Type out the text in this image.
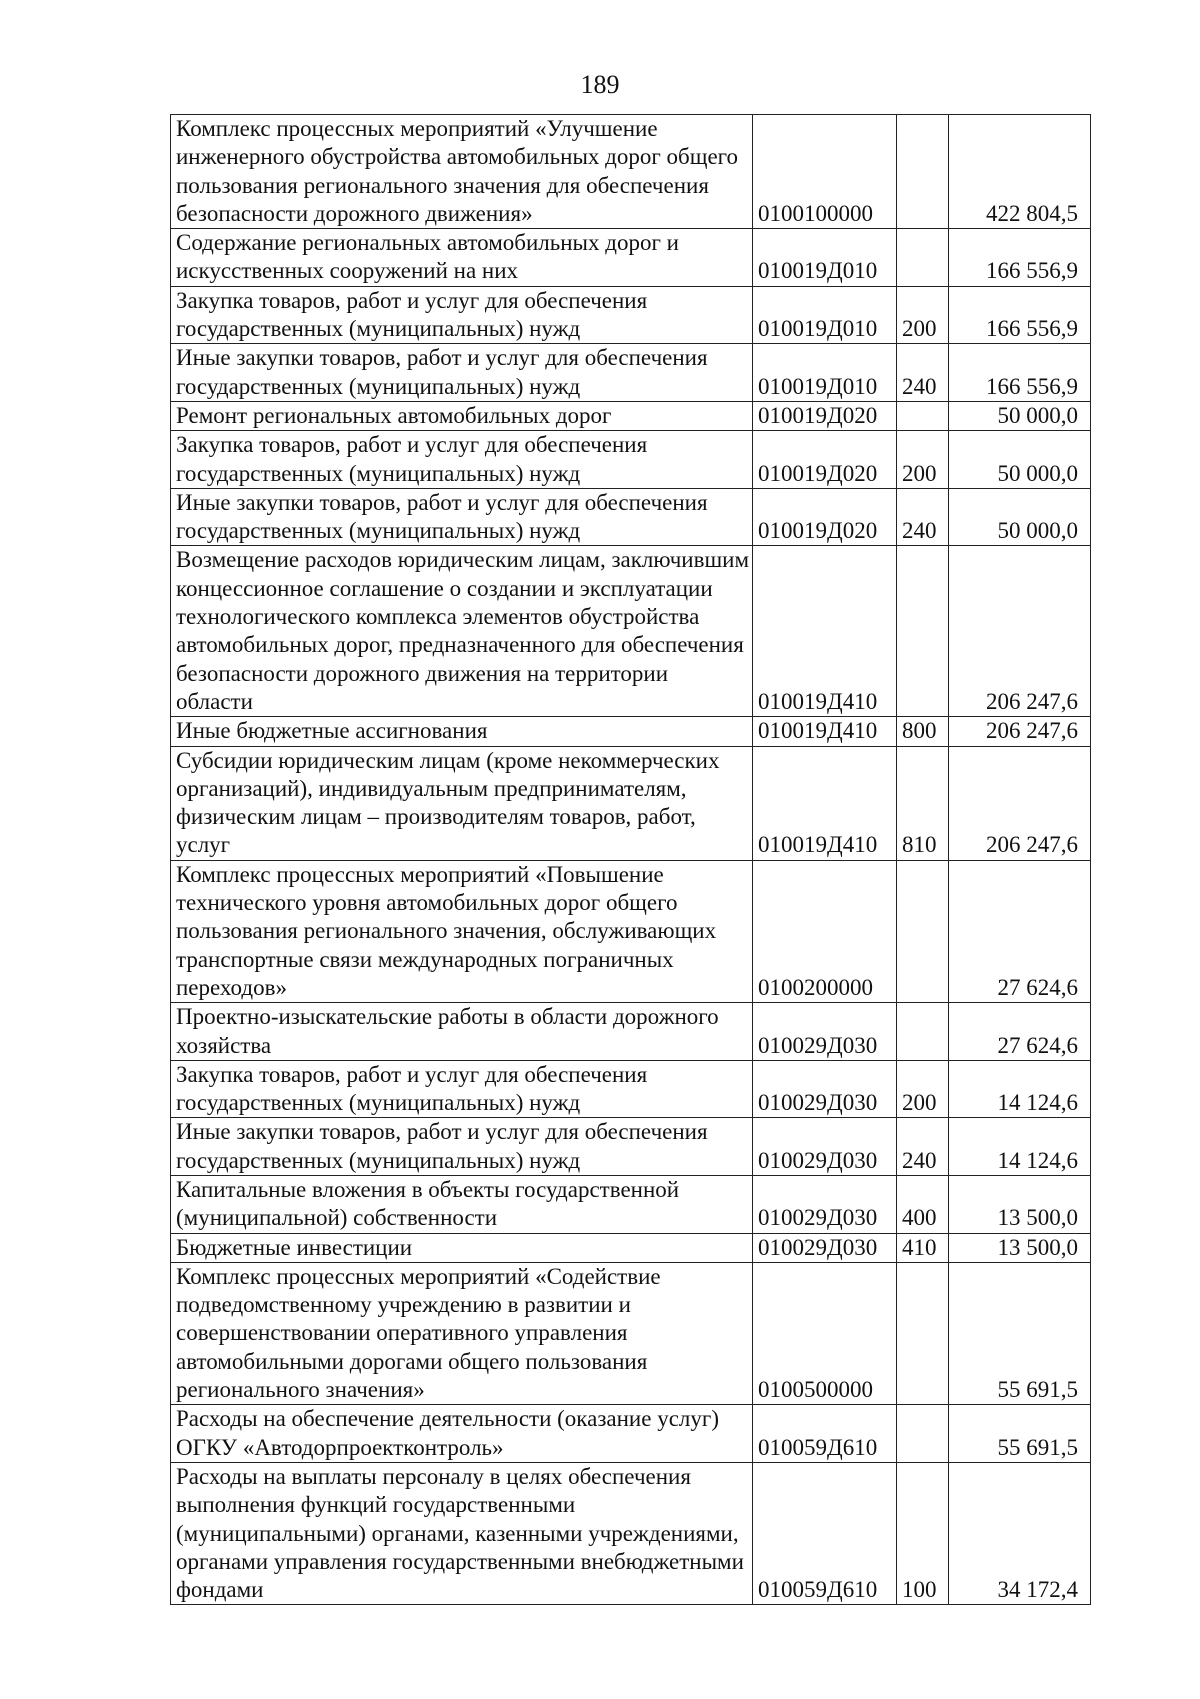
189
Комплекс процессных мероприятий «Улучшение инженерного обустройства автомобильных дорог общего пользования регионального значения для обеспечения безопасности дорожного движения»	0100100000		422 804,5
Содержание региональных автомобильных дорог и искусственных сооружений на них	010019Д010		166 556,9
Закупка товаров, работ и услуг для обеспечения государственных (муниципальных) нужд	010019Д010	200	166 556,9
Иные закупки товаров, работ и услуг для обеспечения государственных (муниципальных) нужд	010019Д010	240	166 556,9
Ремонт региональных автомобильных дорог	010019Д020		50 000,0
Закупка товаров, работ и услуг для обеспечения государственных (муниципальных) нужд	010019Д020	200	50 000,0
Иные закупки товаров, работ и услуг для обеспечения государственных (муниципальных) нужд	010019Д020	240	50 000,0
Возмещение расходов юридическим лицам, заключившим концессионное соглашение о создании и эксплуатации технологического комплекса элементов обустройства автомобильных дорог, предназначенного для обеспечения безопасности дорожного движения на территории области	010019Д410		206 247,6
Иные бюджетные ассигнования	010019Д410	800	206 247,6
Субсидии юридическим лицам (кроме некоммерческих организаций), индивидуальным предпринимателям, физическим лицам – производителям товаров, работ, услуг	010019Д410	810	206 247,6
Комплекс процессных мероприятий «Повышение технического уровня автомобильных дорог общего пользования регионального значения, обслуживающих транспортные связи международных пограничных переходов»	0100200000		27 624,6
Проектно-изыскательские работы в области дорожного хозяйства	010029Д030		27 624,6
Закупка товаров, работ и услуг для обеспечения государственных (муниципальных) нужд	010029Д030	200	14 124,6
Иные закупки товаров, работ и услуг для обеспечения государственных (муниципальных) нужд	010029Д030	240	14 124,6
Капитальные вложения в объекты государственной (муниципальной) собственности	010029Д030	400	13 500,0
Бюджетные инвестиции	010029Д030	410	13 500,0
Комплекс процессных мероприятий «Содействие подведомственному учреждению в развитии и совершенствовании оперативного управления автомобильными дорогами общего пользования регионального значения»	0100500000		55 691,5
Расходы на обеспечение деятельности (оказание услуг) ОГКУ «Автодорпроектконтроль»	010059Д610		55 691,5
Расходы на выплаты персоналу в целях обеспечения выполнения функций государственными (муниципальными) органами, казенными учреждениями, органами управления государственными внебюджетными фондами	010059Д610	100	34 172,4
